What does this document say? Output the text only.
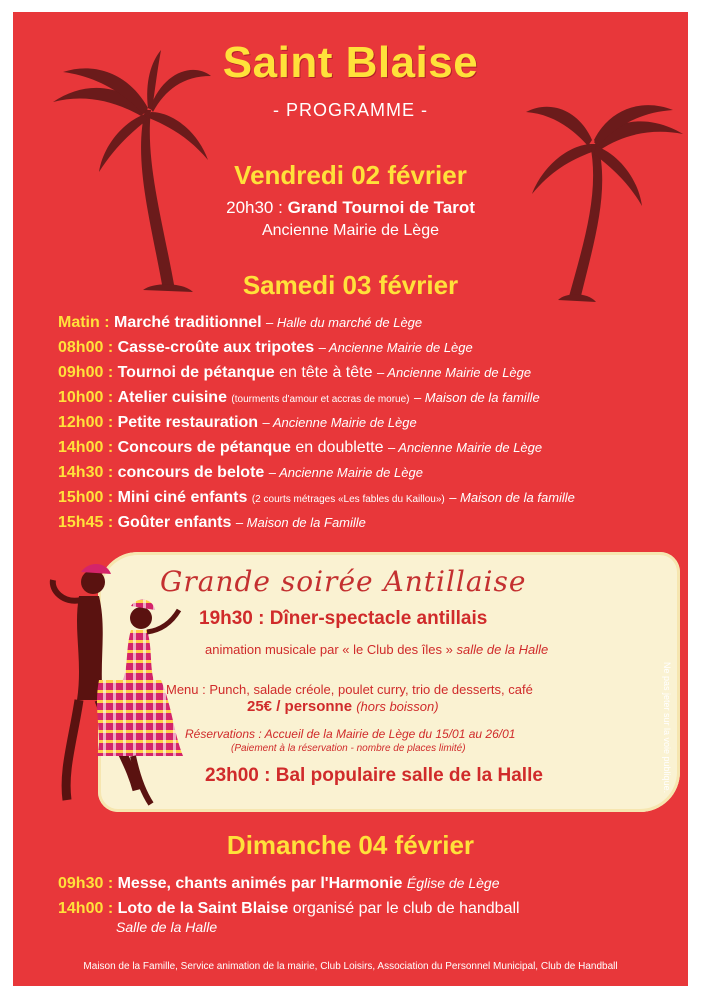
Saint Blaise
- PROGRAMME -
Vendredi 02 février
20h30 : Grand Tournoi de Tarot
Ancienne Mairie de Lège
Samedi 03 février
Matin : Marché traditionnel – Halle du marché de Lège
08h00 : Casse-croûte aux tripotes – Ancienne Mairie de Lège
09h00 : Tournoi de pétanque en tête à tête – Ancienne Mairie de Lège
10h00 : Atelier cuisine (tourments d'amour et accras de morue) – Maison de la famille
12h00 : Petite restauration – Ancienne Mairie de Lège
14h00 : Concours de pétanque en doublette – Ancienne Mairie de Lège
14h30 : concours de belote – Ancienne Mairie de Lège
15h00 : Mini ciné enfants (2 courts métrages «Les fables du Kaillou») – Maison de la famille
15h45 : Goûter enfants – Maison de la Famille
Grande soirée Antillaise
19h30 : Dîner-spectacle antillais
animation musicale par « le Club des îles » salle de la Halle
Menu : Punch, salade créole, poulet curry, trio de desserts, café
25€ / personne (hors boisson)
Réservations : Accueil de la Mairie de Lège du 15/01 au 26/01
(Paiement à la réservation - nombre de places limité)
23h00 : Bal populaire salle de la Halle
Dimanche 04 février
09h30 : Messe, chants animés par l'Harmonie Église de Lège
14h00 : Loto de la Saint Blaise organisé par le club de handball
Salle de la Halle
Ne pas jeter sur la voie publique.
Maison de la Famille, Service animation de la mairie, Club Loisirs, Association du Personnel Municipal, Club de Handball
